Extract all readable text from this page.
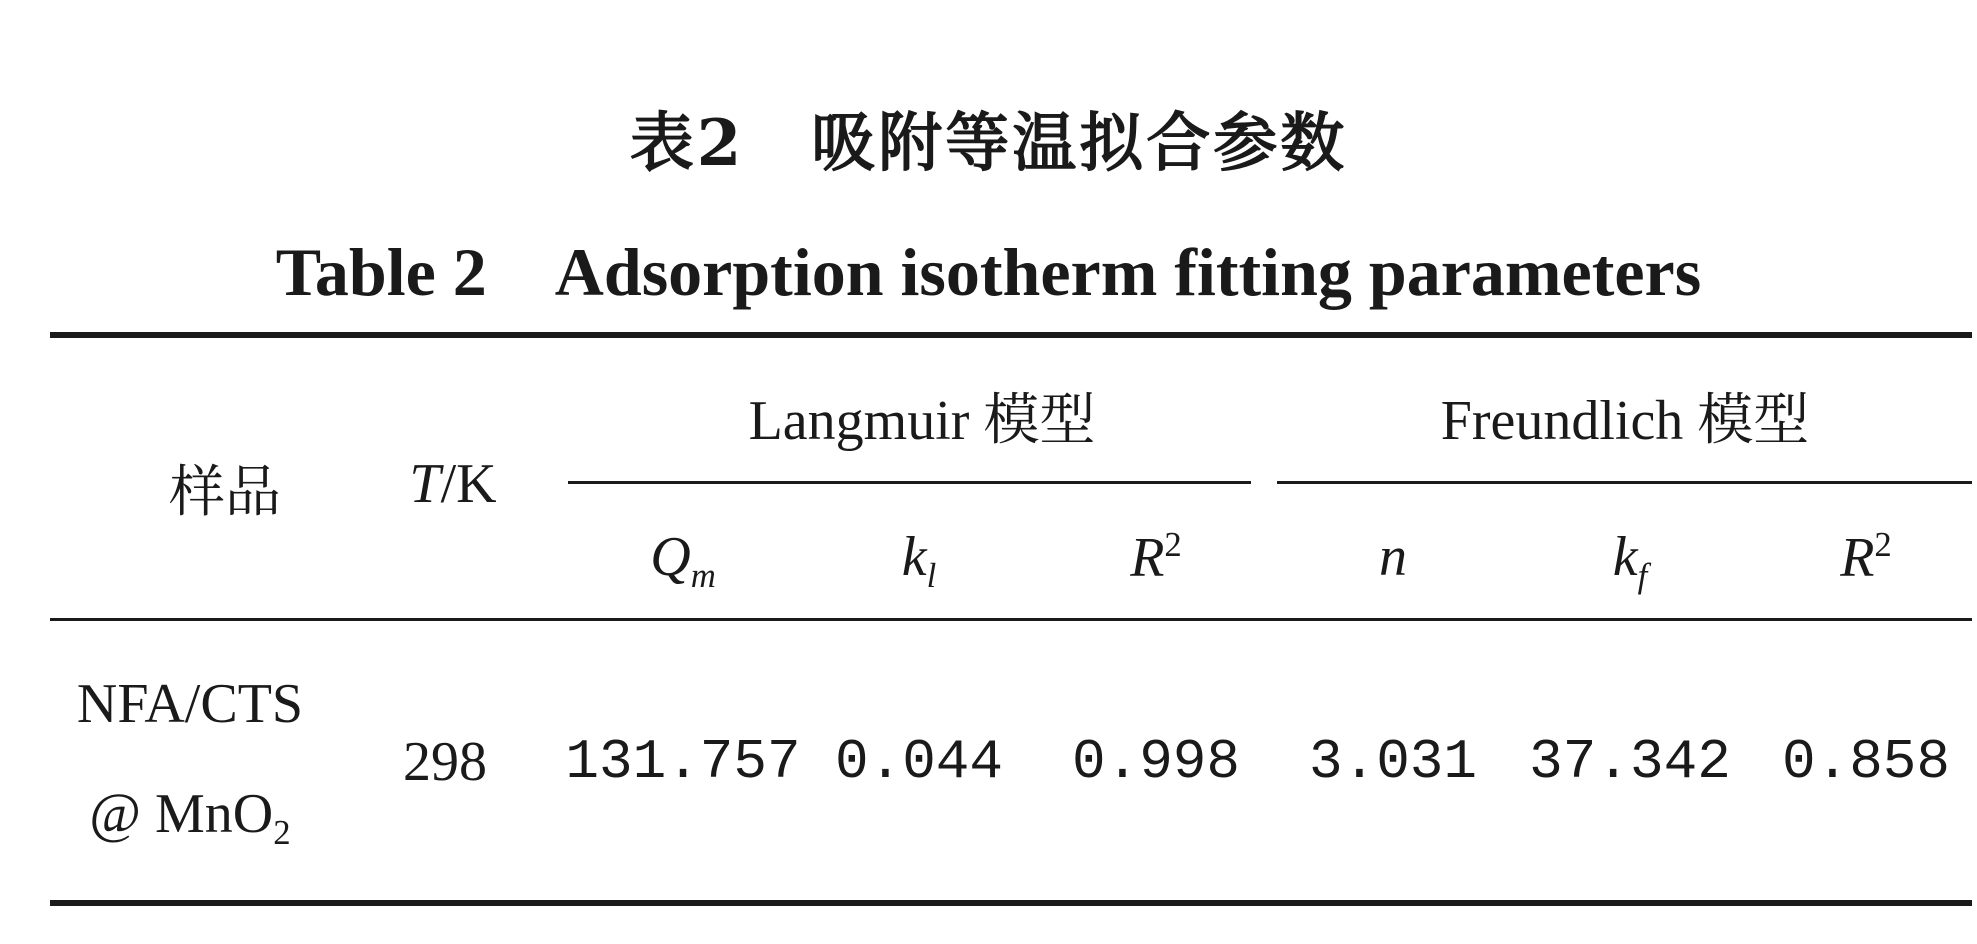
表2　吸附等温拟合参数
Table 2　Adsorption isotherm fitting parameters
样品 T/K
Langmuir 模型	Freundlich 模型
$Q_m$	$k_l$	$R^2$	n	$k_f$	$R^2$
NFA/CTS
@ MnO$_2$
298 131.757 0.044 0.998 3.031 37.342 0.858
